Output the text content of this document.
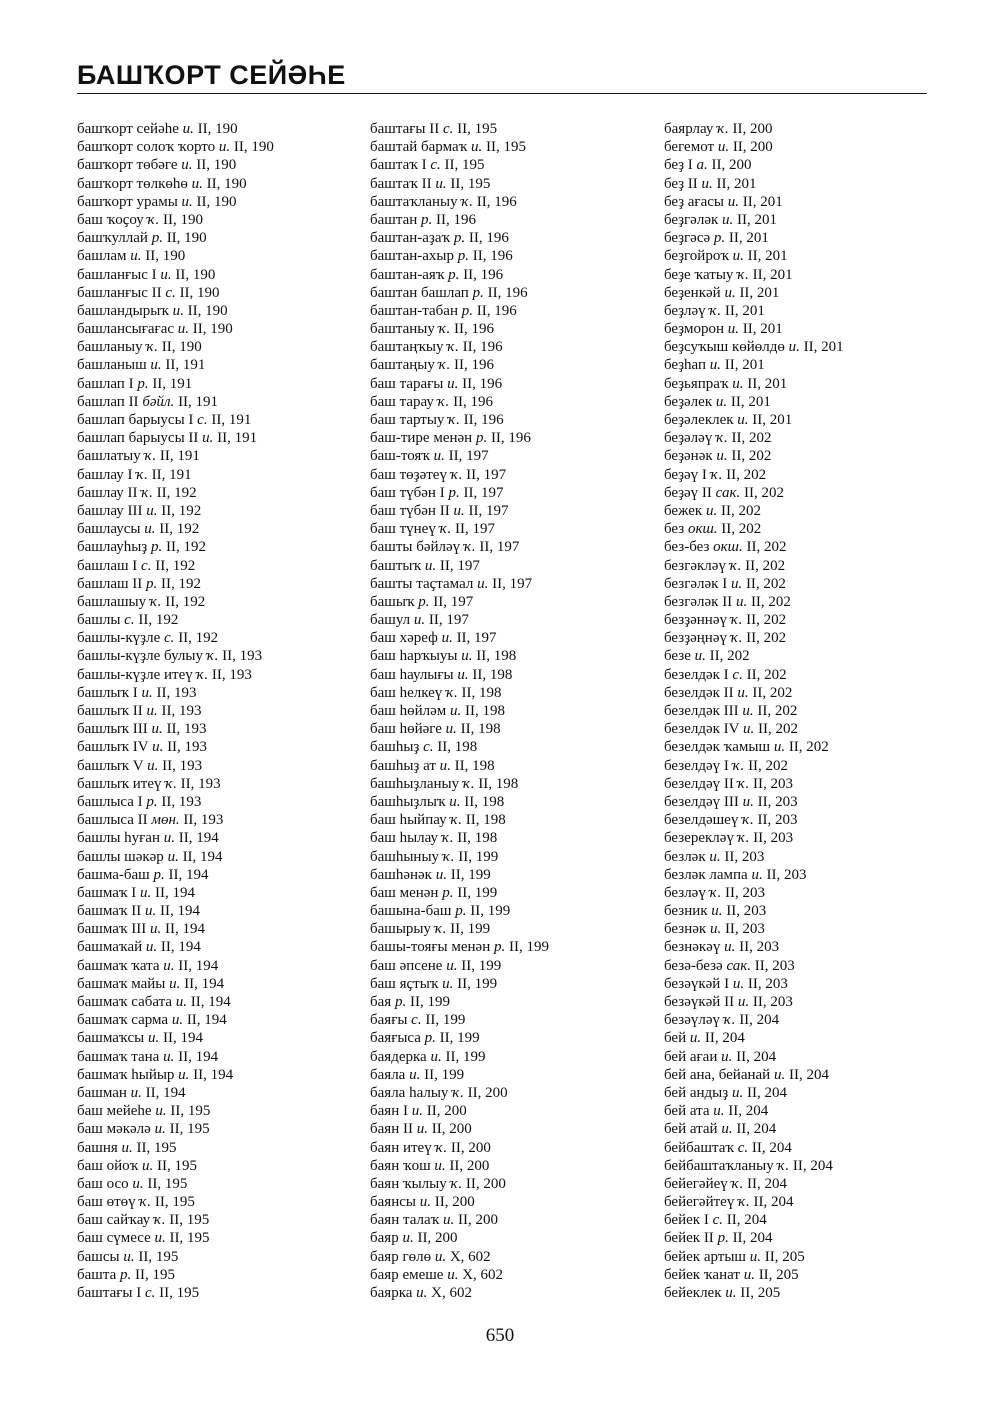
БАШҠОРТ СЕЙӘҺЕ
башҡорт сейәһе и. II, 190
башҡорт солоҡ ҡорто и. II, 190
башҡорт төбәге и. II, 190
башҡорт төлкөһө и. II, 190
башҡорт урамы и. II, 190
баш ҡоҫоу ҡ. II, 190
башҡуллай р. II, 190
башлам и. II, 190
башланғыс I и. II, 190
башланғыс II с. II, 190
башландырыҡ и. II, 190
башлансығағас и. II, 190
башланыу ҡ. II, 190
башланыш и. II, 191
башлап I р. II, 191
башлап II бәйл. II, 191
башлап барыусы I с. II, 191
башлап барыусы II и. II, 191
башлатыу ҡ. II, 191
башлау I ҡ. II, 191
башлау II ҡ. II, 192
башлау III и. II, 192
башлаусы и. II, 192
башлауһыҙ р. II, 192
башлаш I с. II, 192
башлаш II р. II, 192
башлашыу ҡ. II, 192
башлы с. II, 192
башлы-күҙле с. II, 192
башлы-күҙле булыу ҡ. II, 193
башлы-күҙле итеү ҡ. II, 193
башлыҡ I и. II, 193
башлыҡ II и. II, 193
башлыҡ III и. II, 193
башлыҡ IV и. II, 193
башлыҡ V и. II, 193
башлыҡ итеү ҡ. II, 193
башлыса I р. II, 193
башлыса II мөн. II, 193
башлы һуған и. II, 194
башлы шәкәр и. II, 194
башма-баш р. II, 194
башмаҡ I и. II, 194
башмаҡ II и. II, 194
башмаҡ III и. II, 194
башмаҡай и. II, 194
башмаҡ ҡата и. II, 194
башмаҡ майы и. II, 194
башмаҡ сабата и. II, 194
башмаҡ сарма и. II, 194
башмаҡсы и. II, 194
башмаҡ тана и. II, 194
башмаҡ һыйыр и. II, 194
башман и. II, 194
баш мейеһе и. II, 195
баш мәкәлә и. II, 195
башня и. II, 195
баш ойоҡ и. II, 195
баш осо и. II, 195
баш өтөү ҡ. II, 195
баш сайҡау ҡ. II, 195
баш сүмесе и. II, 195
башсы и. II, 195
башта р. II, 195
баштағы I с. II, 195
баштағы II с. II, 195
баштай бармаҡ и. II, 195
баштаҡ I с. II, 195
баштаҡ II и. II, 195
баштаҡланыу ҡ. II, 196
баштан р. II, 196
баштан-аҙаҡ р. II, 196
баштан-ахыр р. II, 196
баштан-аяҡ р. II, 196
баштан башлап р. II, 196
баштан-табан р. II, 196
баштаныу ҡ. II, 196
баштаңҡыу ҡ. II, 196
баштаңыу ҡ. II, 196
баш тарағы и. II, 196
баш тарау ҡ. II, 196
баш тартыу ҡ. II, 196
баш-тире менән р. II, 196
баш-тояҡ и. II, 197
баш төҙәтеү ҡ. II, 197
баш түбән I р. II, 197
баш түбән II и. II, 197
баш түнеү ҡ. II, 197
башты бәйләү ҡ. II, 197
баштыҡ и. II, 197
башты таҫтамал и. II, 197
башыҡ р. II, 197
башул и. II, 197
баш хәреф и. II, 197
баш һарҡыуы и. II, 198
баш һаулығы и. II, 198
баш һелкеү ҡ. II, 198
баш һөйләм и. II, 198
баш һөйәге и. II, 198
башһыҙ с. II, 198
башһыҙ ат и. II, 198
башһыҙланыу ҡ. II, 198
башһыҙлыҡ и. II, 198
баш һыйпау ҡ. II, 198
баш һылау ҡ. II, 198
башһыныу ҡ. II, 199
башһәнәк и. II, 199
баш менән р. II, 199
башына-баш р. II, 199
башырыу ҡ. II, 199
башы-тояғы менән р. II, 199
баш әпсене и. II, 199
баш яҫтыҡ и. II, 199
бая р. II, 199
баяғы с. II, 199
баяғыса р. II, 199
баядерка и. II, 199
баяла и. II, 199
баяла һалыу ҡ. II, 200
баян I и. II, 200
баян II и. II, 200
баян итеү ҡ. II, 200
баян ҡош и. II, 200
баян ҡылыу ҡ. II, 200
баянсы и. II, 200
баян талаҡ и. II, 200
баяр и. II, 200
баяр гөлө и. X, 602
баяр емеше и. X, 602
баярка и. X, 602
баярлау ҡ. II, 200
бегемот и. II, 200
беҙ I а. II, 200
беҙ II и. II, 201
беҙ ағасы и. II, 201
беҙгәләк и. II, 201
беҙгәсә р. II, 201
беҙгойроҡ и. II, 201
беҙе ҡатыу ҡ. II, 201
беҙенкәй и. II, 201
беҙләү ҡ. II, 201
беҙморон и. II, 201
беҙсуҡыш көйөлдө и. II, 201
беҙһап и. II, 201
беҙьяпраҡ и. II, 201
беҙәлек и. II, 201
беҙәлеклек и. II, 201
беҙәләү ҡ. II, 202
беҙәнәк и. II, 202
беҙәү I ҡ. II, 202
беҙәү II сак. II, 202
бежек и. II, 202
без окш. II, 202
без-без окш. II, 202
безгәкләү ҡ. II, 202
безгәләк I и. II, 202
безгәләк II и. II, 202
безҙәннәү ҡ. II, 202
безҙәңнәү ҡ. II, 202
безе и. II, 202
безелдәк I с. II, 202
безелдәк II и. II, 202
безелдәк III и. II, 202
безелдәк IV и. II, 202
безелдәк ҡамыш и. II, 202
безелдәү I ҡ. II, 202
безелдәү II ҡ. II, 203
безелдәү III и. II, 203
безелдәшеү ҡ. II, 203
безерекләү ҡ. II, 203
безләк и. II, 203
безләк лампа и. II, 203
безләү ҡ. II, 203
безник и. II, 203
безнәк и. II, 203
безнәкәү и. II, 203
безә-безә сак. II, 203
безәүкәй I и. II, 203
безәүкәй II и. II, 203
безәүләү ҡ. II, 204
бей и. II, 204
бей ағаи и. II, 204
бей ана, бейанай и. II, 204
бей андыҙ и. II, 204
бей ата и. II, 204
бей атай и. II, 204
бейбаштаҡ с. II, 204
бейбаштаҡланыу ҡ. II, 204
бейегәйеү ҡ. II, 204
бейегәйтеү ҡ. II, 204
бейек I с. II, 204
бейек II р. II, 204
бейек артыш и. II, 205
бейек ҡанат и. II, 205
бейеклек и. II, 205
650
